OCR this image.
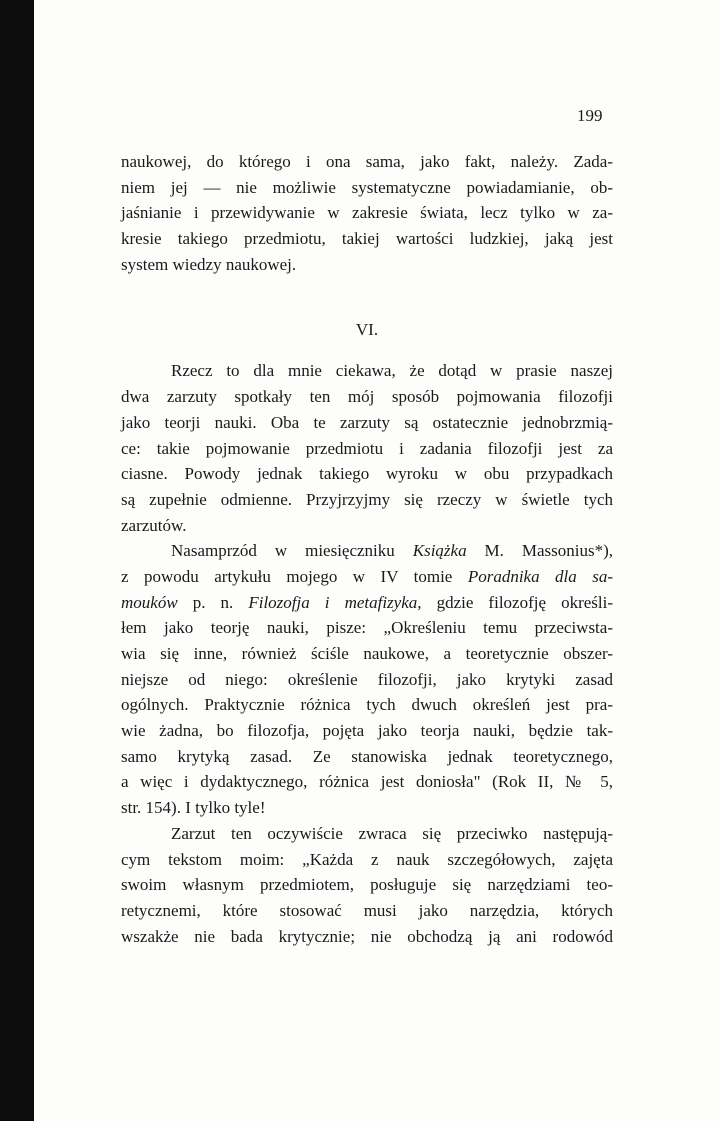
199
naukowej, do którego i ona sama, jako fakt, należy. Zada-
niem jej — nie możliwie systematyczne powiadamianie, ob-
jaśnianie i przewidywanie w zakresie świata, lecz tylko w za-
kresie takiego przedmiotu, takiej wartości ludzkiej, jaką jest
system wiedzy naukowej.
VI.
Rzecz to dla mnie ciekawa, że dotąd w prasie naszej
dwa zarzuty spotkały ten mój sposób pojmowania filozofji
jako teorji nauki. Oba te zarzuty są ostatecznie jednobrzmią-
ce: takie pojmowanie przedmiotu i zadania filozofji jest za
ciasne. Powody jednak takiego wyroku w obu przypadkach
są zupełnie odmienne. Przyjrzyjmy się rzeczy w świetle tych
zarzutów.
Nasamprzód w miesięczniku Książka M. Massonius*),
z powodu artykułu mojego w IV tomie Poradnika dla sa-
mouków p. n. Filozofja i metafizyka, gdzie filozofję określi-
łem jako teorję nauki, pisze: „Określeniu temu przeciwsta-
wia się inne, również ściśle naukowe, a teoretycznie obszer-
niejsze od niego: określenie filozofji, jako krytyki zasad
ogólnych. Praktycznie różnica tych dwuch określeń jest pra-
wie żadna, bo filozofja, pojęta jako teorja nauki, będzie tak-
samo krytyką zasad. Ze stanowiska jednak teoretycznego,
a więc i dydaktycznego, różnica jest doniosła" (Rok II, № 5,
str. 154). I tylko tyle!
Zarzut ten oczywiście zwraca się przeciwko następują-
cym tekstom moim: „Każda z nauk szczegółowych, zajęta
swoim własnym przedmiotem, posługuje się narzędziami teo-
retycznemi, które stosować musi jako narzędzia, których
wszakże nie bada krytycznie; nie obchodzą ją ani rodowód
